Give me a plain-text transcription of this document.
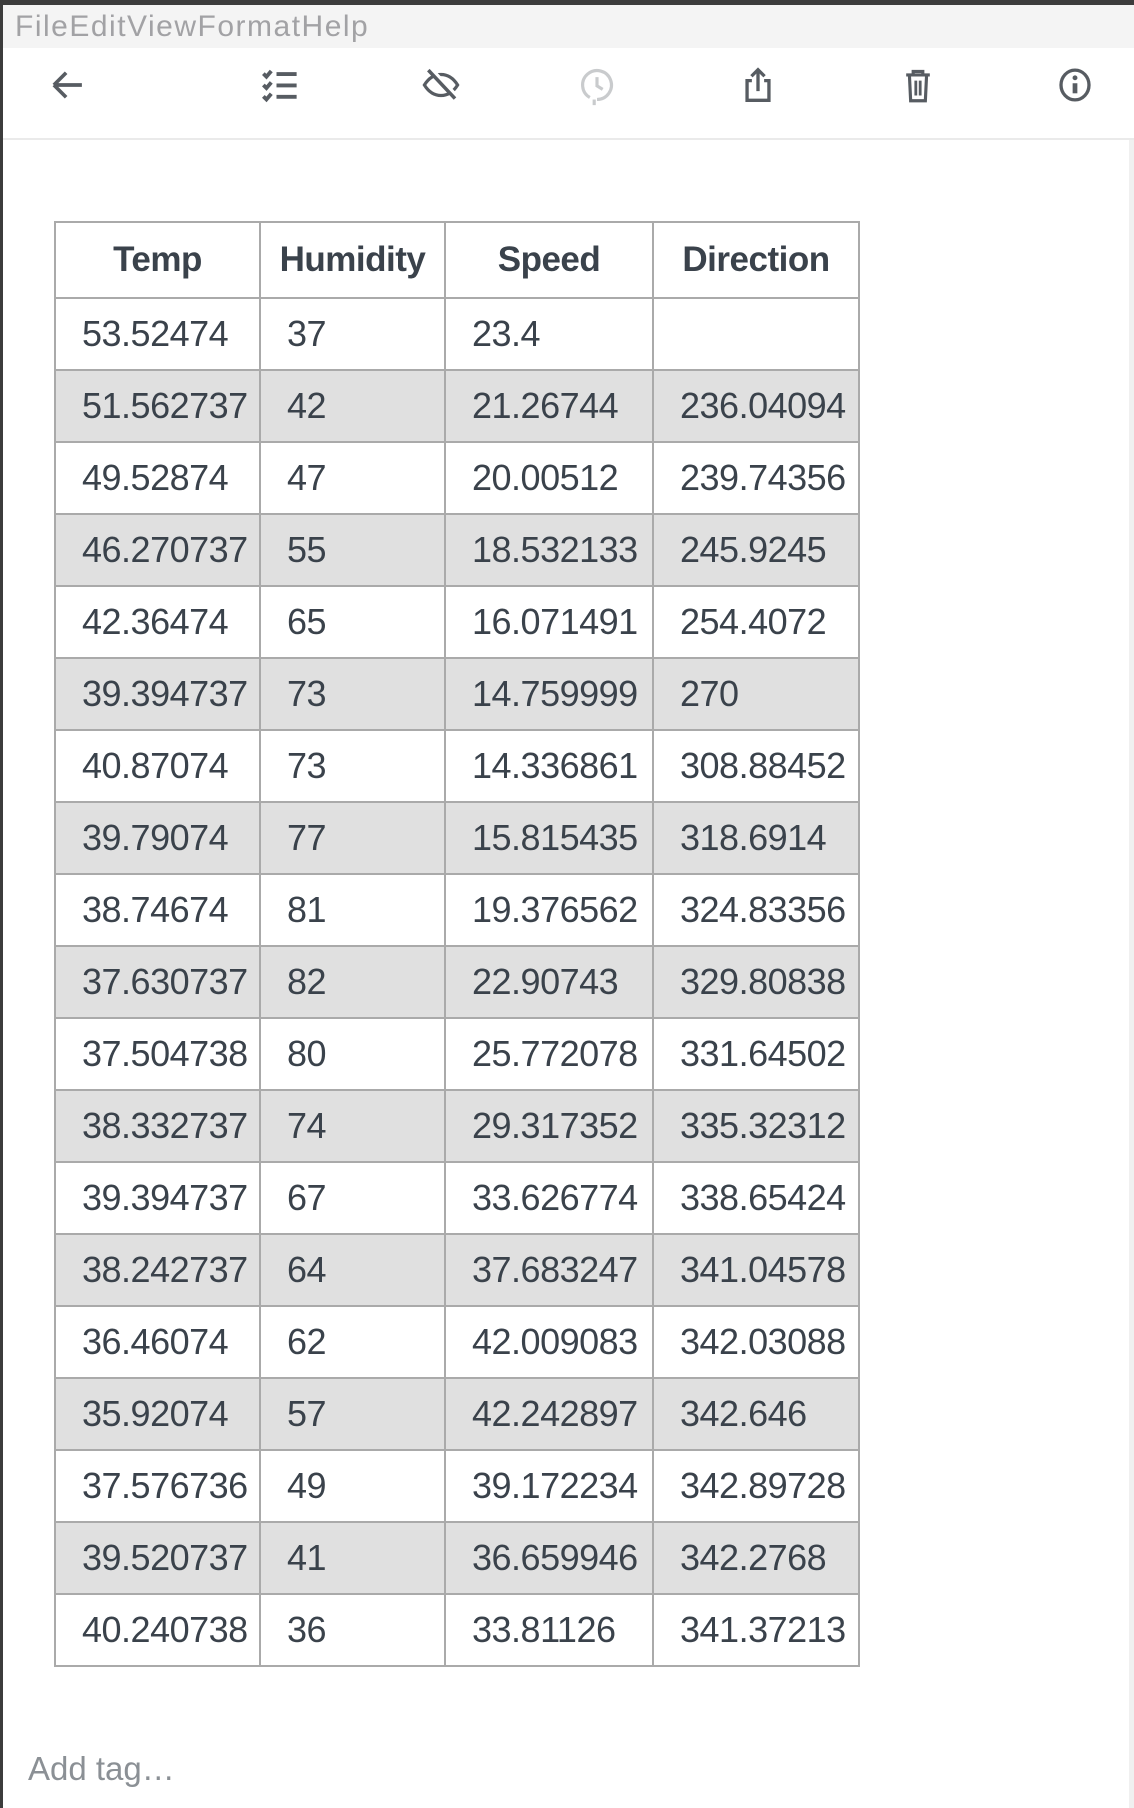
File Edit View Format Help
Temp	Humidity	Speed	Direction
53.52474	37	23.4	
51.562737	42	21.26744	236.04094
49.52874	47	20.00512	239.74356
46.270737	55	18.532133	245.9245
42.36474	65	16.071491	254.4072
39.394737	73	14.759999	270
40.87074	73	14.336861	308.88452
39.79074	77	15.815435	318.6914
38.74674	81	19.376562	324.83356
37.630737	82	22.90743	329.80838
37.504738	80	25.772078	331.64502
38.332737	74	29.317352	335.32312
39.394737	67	33.626774	338.65424
38.242737	64	37.683247	341.04578
36.46074	62	42.009083	342.03088
35.92074	57	42.242897	342.646
37.576736	49	39.172234	342.89728
39.520737	41	36.659946	342.2768
40.240738	36	33.81126	341.37213
Add tag…
